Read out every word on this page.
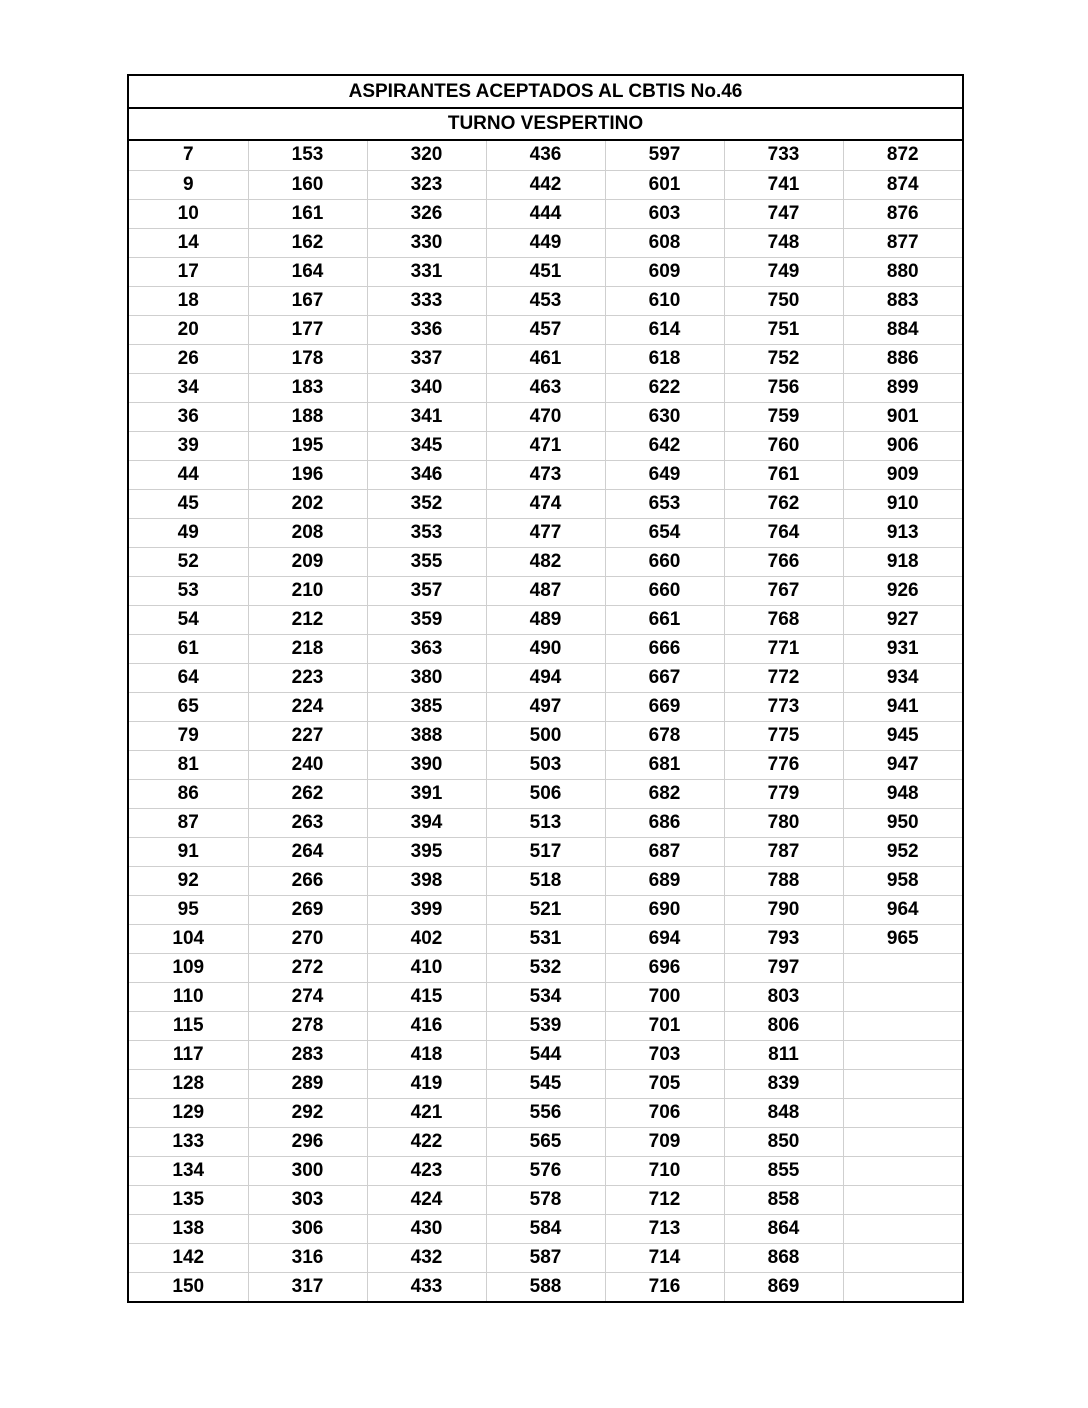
ASPIRANTES ACEPTADOS AL CBTIS No.46
TURNO VESPERTINO
7	153	320	436	597	733	872
9	160	323	442	601	741	874
10	161	326	444	603	747	876
14	162	330	449	608	748	877
17	164	331	451	609	749	880
18	167	333	453	610	750	883
20	177	336	457	614	751	884
26	178	337	461	618	752	886
34	183	340	463	622	756	899
36	188	341	470	630	759	901
39	195	345	471	642	760	906
44	196	346	473	649	761	909
45	202	352	474	653	762	910
49	208	353	477	654	764	913
52	209	355	482	660	766	918
53	210	357	487	660	767	926
54	212	359	489	661	768	927
61	218	363	490	666	771	931
64	223	380	494	667	772	934
65	224	385	497	669	773	941
79	227	388	500	678	775	945
81	240	390	503	681	776	947
86	262	391	506	682	779	948
87	263	394	513	686	780	950
91	264	395	517	687	787	952
92	266	398	518	689	788	958
95	269	399	521	690	790	964
104	270	402	531	694	793	965
109	272	410	532	696	797	
110	274	415	534	700	803	
115	278	416	539	701	806	
117	283	418	544	703	811	
128	289	419	545	705	839	
129	292	421	556	706	848	
133	296	422	565	709	850	
134	300	423	576	710	855	
135	303	424	578	712	858	
138	306	430	584	713	864	
142	316	432	587	714	868	
150	317	433	588	716	869	
